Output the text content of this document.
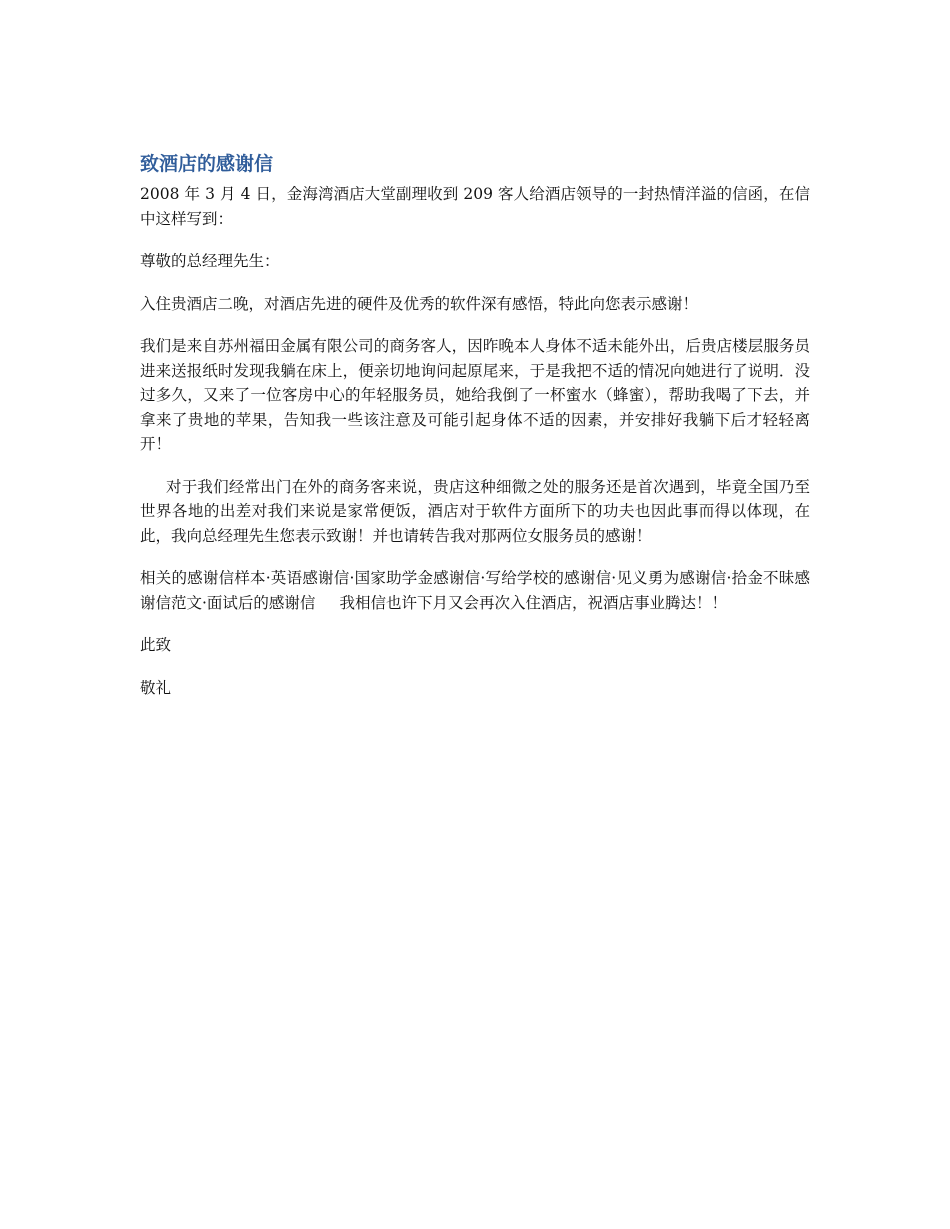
致酒店的感谢信

2008 年 3 月 4 日，金海湾酒店大堂副理收到 209 客人给酒店领导的一封热情洋溢的信函，在信中这样写到：

尊敬的总经理先生：

入住贵酒店二晚，对酒店先进的硬件及优秀的软件深有感悟，特此向您表示感谢！

我们是来自苏州福田金属有限公司的商务客人，因昨晚本人身体不适未能外出，后贵店楼层服务员进来送报纸时发现我躺在床上，便亲切地询问起原尾来，于是我把不适的情况向她进行了说明．没过多久，又来了一位客房中心的年轻服务员，她给我倒了一杯蜜水（蜂蜜），帮助我喝了下去，并拿来了贵地的苹果，告知我一些该注意及可能引起身体不适的因素，并安排好我躺下后才轻轻离开！

对于我们经常出门在外的商务客来说，贵店这种细微之处的服务还是首次遇到，毕竟全国乃至世界各地的出差对我们来说是家常便饭，酒店对于软件方面所下的功夫也因此事而得以体现，在此，我向总经理先生您表示致谢！并也请转告我对那两位女服务员的感谢！

相关的感谢信样本·英语感谢信·国家助学金感谢信·写给学校的感谢信·见义勇为感谢信·拾金不昧感谢信范文·面试后的感谢信 我相信也许下月又会再次入住酒店，祝酒店事业腾达！！

此致

敬礼
